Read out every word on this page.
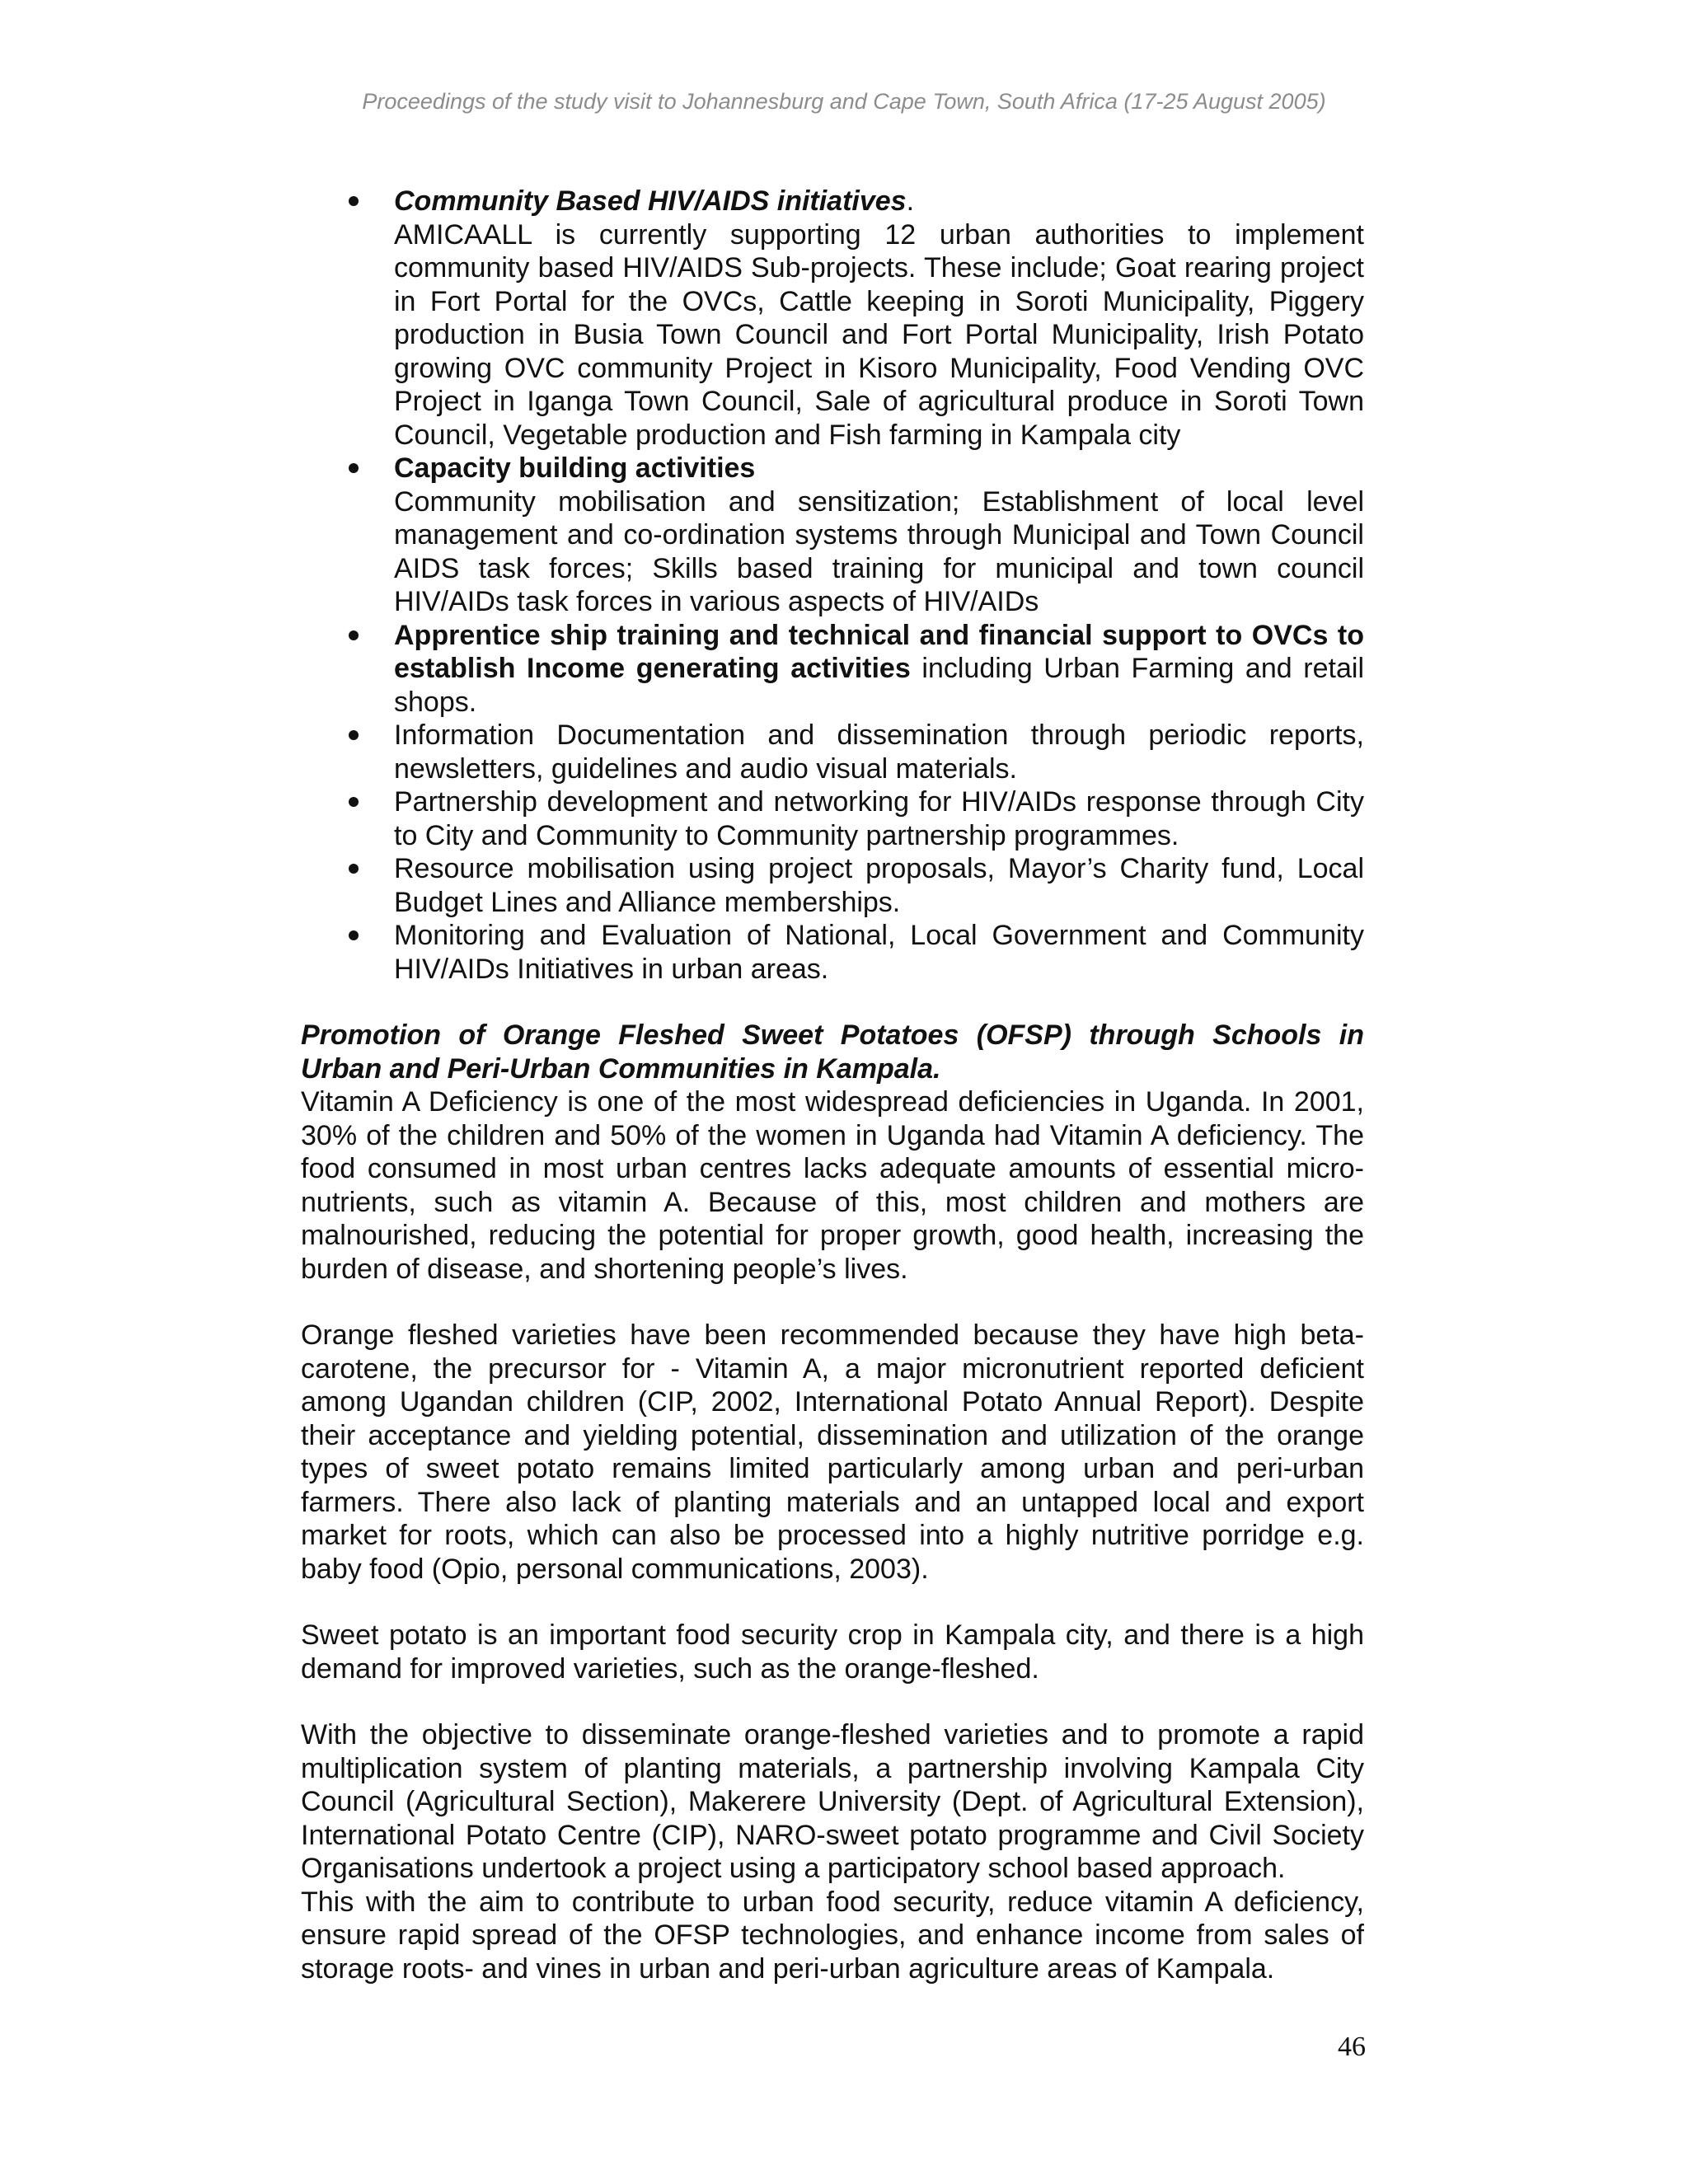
Proceedings of the study visit to Johannesburg and Cape Town, South Africa (17-25 August 2005)

Community Based HIV/AIDS initiatives.
AMICAALL is currently supporting 12 urban authorities to implement community based HIV/AIDS Sub-projects. These include; Goat rearing project in Fort Portal for the OVCs, Cattle keeping in Soroti Municipality, Piggery production in Busia Town Council and Fort Portal Municipality, Irish Potato growing OVC community Project in Kisoro Municipality, Food Vending OVC Project in Iganga Town Council, Sale of agricultural produce in Soroti Town Council, Vegetable production and Fish farming in Kampala city
Capacity building activities
Community mobilisation and sensitization; Establishment of local level management and co-ordination systems through Municipal and Town Council AIDS task forces; Skills based training for municipal and town council HIV/AIDs task forces in various aspects of HIV/AIDs
Apprentice ship training and technical and financial support to OVCs to establish Income generating activities including Urban Farming and retail shops.
Information Documentation and dissemination through periodic reports, newsletters, guidelines and audio visual materials.
Partnership development and networking for HIV/AIDs response through City to City and Community to Community partnership programmes.
Resource mobilisation using project proposals, Mayor’s Charity fund, Local Budget Lines and Alliance memberships.
Monitoring and Evaluation of National, Local Government and Community HIV/AIDs Initiatives in urban areas.

Promotion of Orange Fleshed Sweet Potatoes (OFSP) through Schools in Urban and Peri-Urban Communities in Kampala.

Vitamin A Deficiency is one of the most widespread deficiencies in Uganda. In 2001, 30% of the children and 50% of the women in Uganda had Vitamin A deficiency. The food consumed in most urban centres lacks adequate amounts of essential micro-nutrients, such as vitamin A. Because of this, most children and mothers are malnourished, reducing the potential for proper growth, good health, increasing the burden of disease, and shortening people’s lives.

Orange fleshed varieties have been recommended because they have high beta-carotene, the precursor for - Vitamin A, a major micronutrient reported deficient among Ugandan children (CIP, 2002, International Potato Annual Report). Despite their acceptance and yielding potential, dissemination and utilization of the orange types of sweet potato remains limited particularly among urban and peri-urban farmers. There also lack of planting materials and an untapped local and export market for roots, which can also be processed into a highly nutritive porridge e.g. baby food (Opio, personal communications, 2003).

Sweet potato is an important food security crop in Kampala city, and there is a high demand for improved varieties, such as the orange-fleshed.

With the objective to disseminate orange-fleshed varieties and to promote a rapid multiplication system of planting materials, a partnership involving Kampala City Council (Agricultural Section), Makerere University (Dept. of Agricultural Extension), International Potato Centre (CIP), NARO-sweet potato programme and Civil Society Organisations undertook a project using a participatory school based approach.

This with the aim to contribute to urban food security, reduce vitamin A deficiency, ensure rapid spread of the OFSP technologies, and enhance income from sales of storage roots- and vines in urban and peri-urban agriculture areas of Kampala.

46
